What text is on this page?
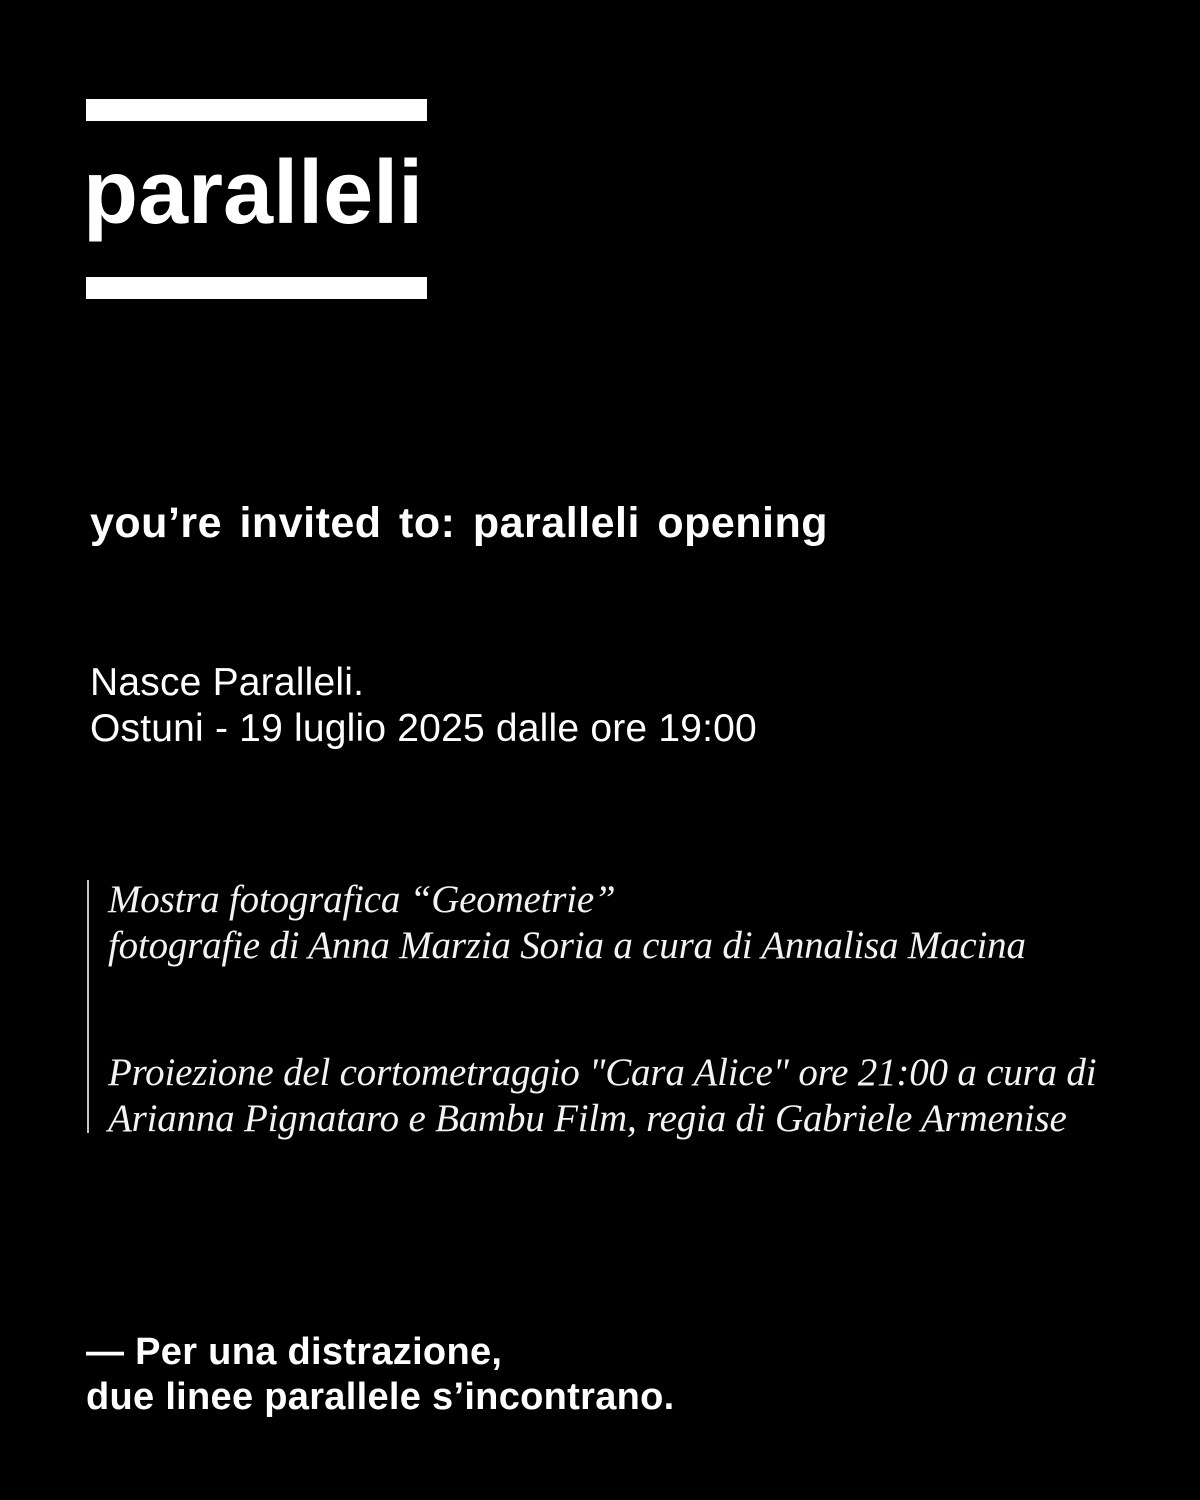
paralleli
you’re invited to: paralleli opening
Nasce Paralleli.
Ostuni - 19 luglio 2025 dalle ore 19:00
Mostra fotografica “Geometrie”
fotografie di Anna Marzia Soria a cura di Annalisa Macina
Proiezione del cortometraggio "Cara Alice" ore 21:00 a cura di
Arianna Pignataro e Bambu Film, regia di Gabriele Armenise
— Per una distrazione,
due linee parallele s’incontrano.
